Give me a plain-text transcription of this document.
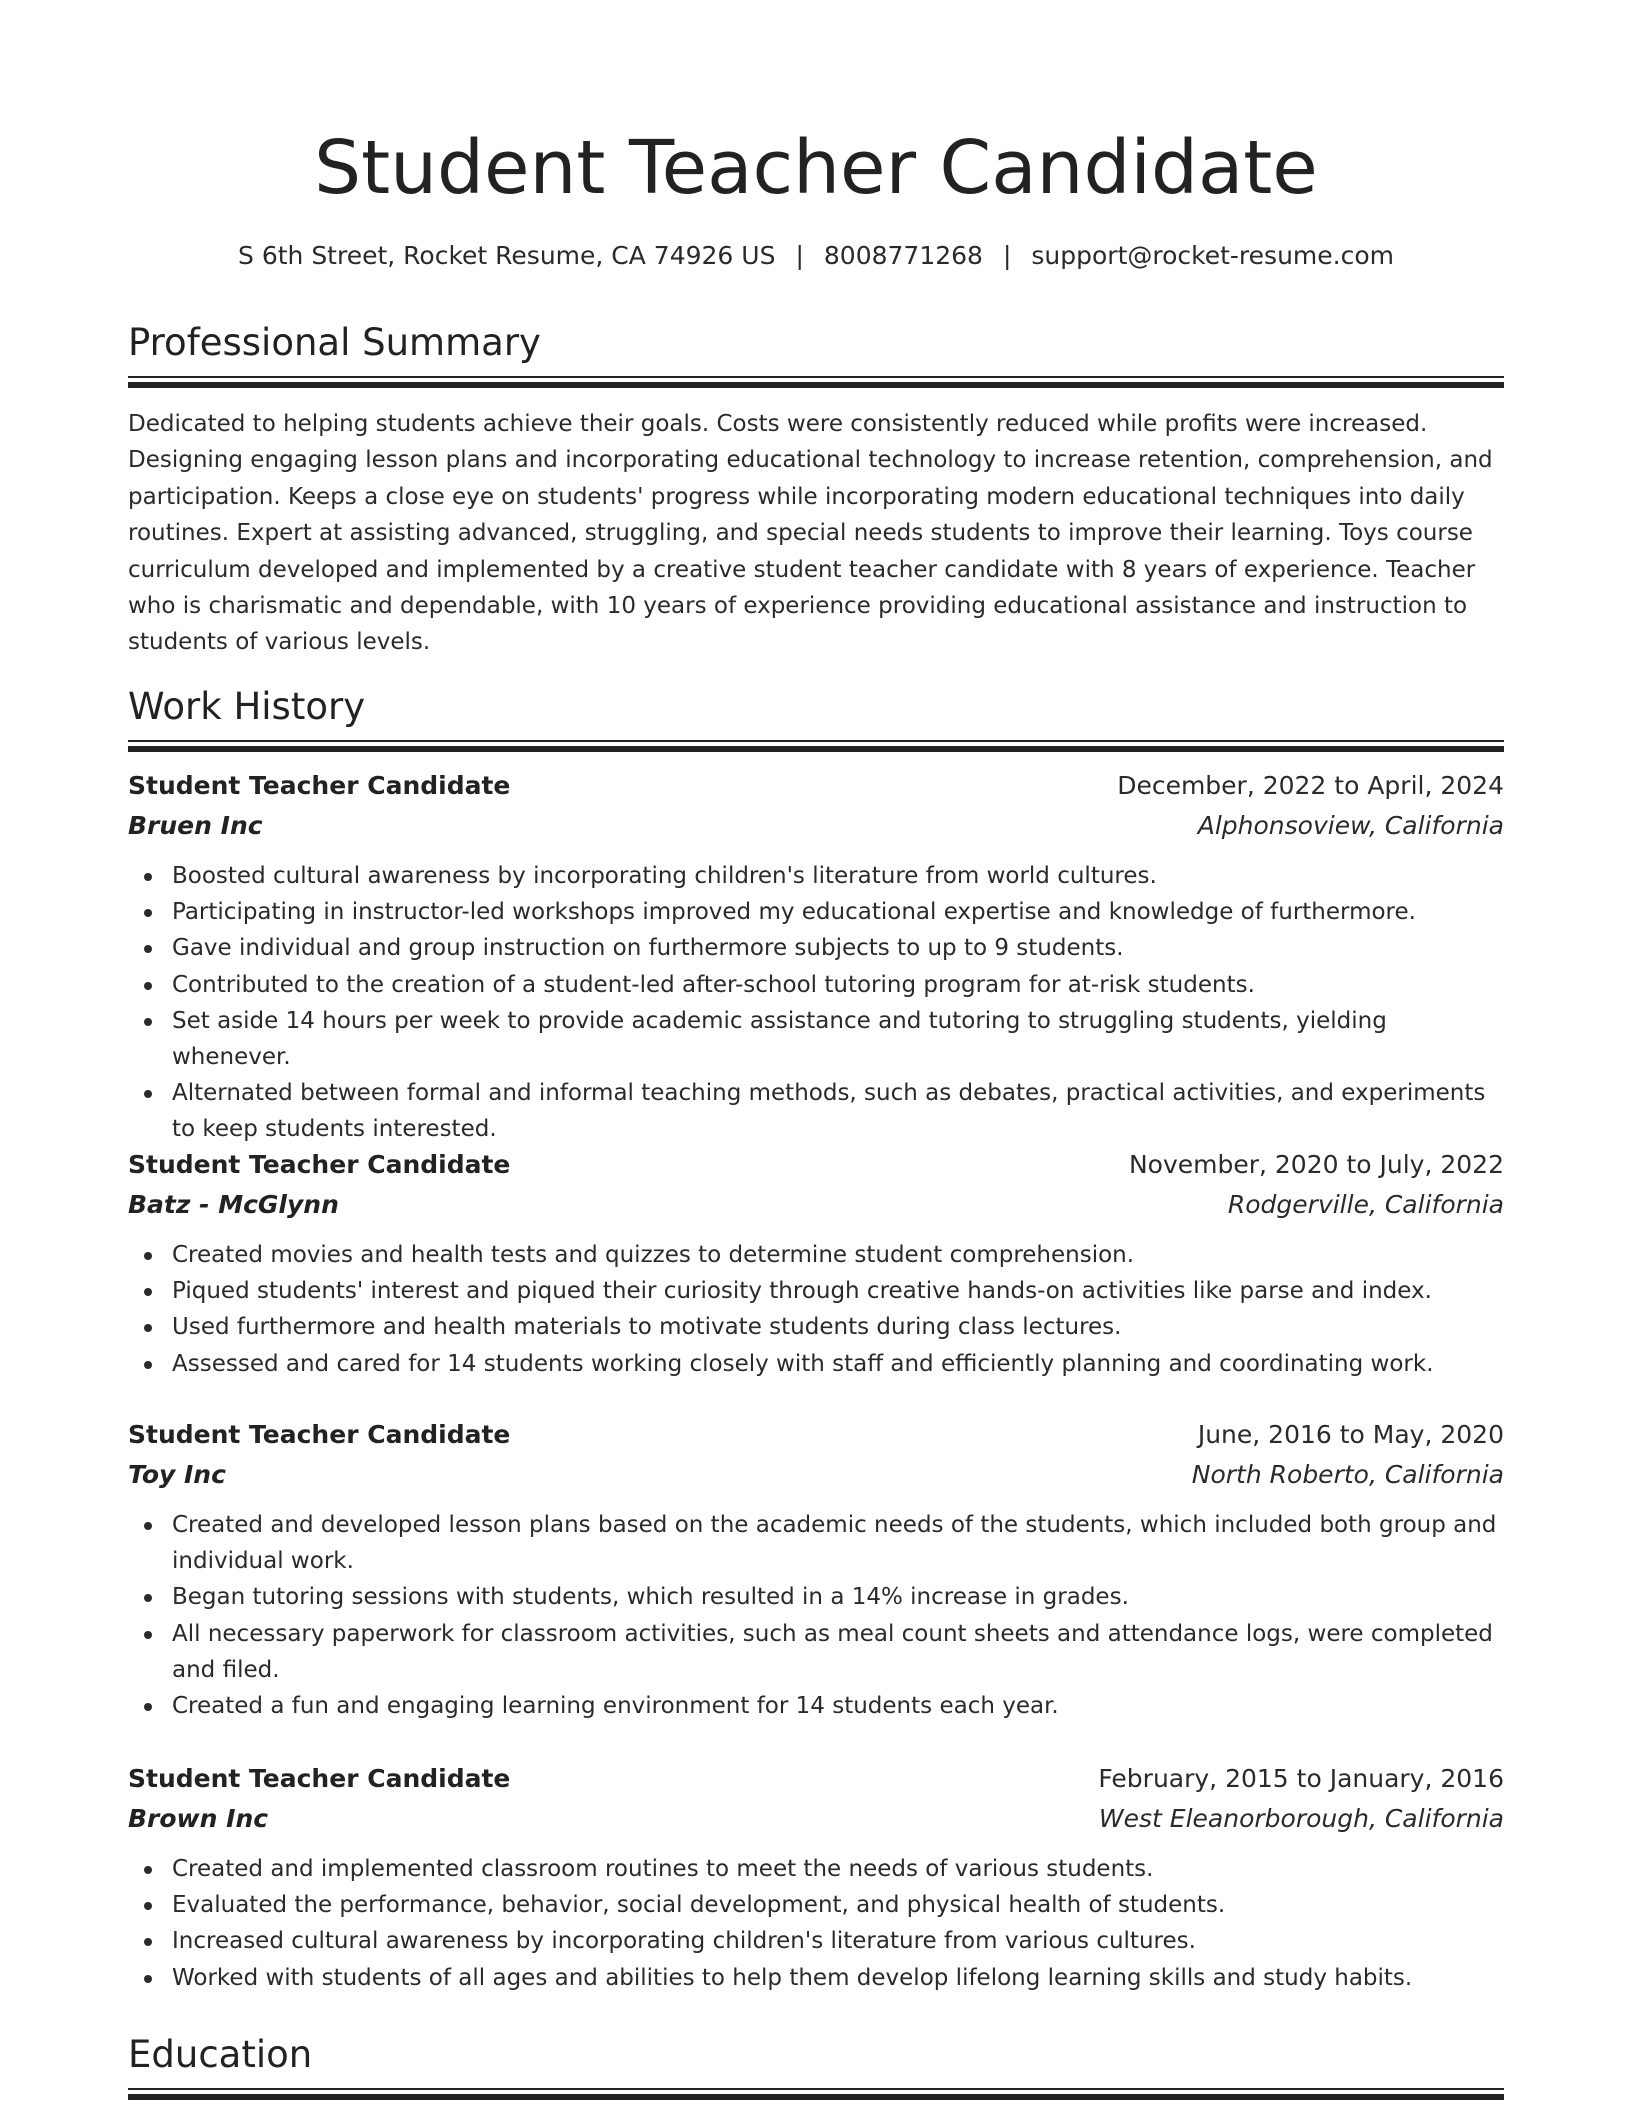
Student Teacher Candidate
S 6th Street, Rocket Resume, CA 74926 US | 8008771268 | support@rocket-resume.com
Professional Summary

Dedicated to helping students achieve their goals. Costs were consistently reduced while profits were increased. Designing engaging lesson plans and incorporating educational technology to increase retention, comprehension, and participation. Keeps a close eye on students' progress while incorporating modern educational techniques into daily routines. Expert at assisting advanced, struggling, and special needs students to improve their learning. Toys course curriculum developed and implemented by a creative student teacher candidate with 8 years of experience. Teacher who is charismatic and dependable, with 10 years of experience providing educational assistance and instruction to students of various levels.

Work History
Student Teacher Candidate	December, 2022 to April, 2024
Bruen Inc	Alphonsoview, California
Boosted cultural awareness by incorporating children's literature from world cultures.
Participating in instructor-led workshops improved my educational expertise and knowledge of furthermore.
Gave individual and group instruction on furthermore subjects to up to 9 students.
Contributed to the creation of a student-led after-school tutoring program for at-risk students.
Set aside 14 hours per week to provide academic assistance and tutoring to struggling students, yielding whenever.
Alternated between formal and informal teaching methods, such as debates, practical activities, and experiments to keep students interested.
Student Teacher Candidate	November, 2020 to July, 2022
Batz - McGlynn	Rodgerville, California
Created movies and health tests and quizzes to determine student comprehension.
Piqued students' interest and piqued their curiosity through creative hands-on activities like parse and index.
Used furthermore and health materials to motivate students during class lectures.
Assessed and cared for 14 students working closely with staff and efficiently planning and coordinating work.
Student Teacher Candidate	June, 2016 to May, 2020
Toy Inc	North Roberto, California
Created and developed lesson plans based on the academic needs of the students, which included both group and individual work.
Began tutoring sessions with students, which resulted in a 14% increase in grades.
All necessary paperwork for classroom activities, such as meal count sheets and attendance logs, were completed and filed.
Created a fun and engaging learning environment for 14 students each year.
Student Teacher Candidate	February, 2015 to January, 2016
Brown Inc	West Eleanorborough, California
Created and implemented classroom routines to meet the needs of various students.
Evaluated the performance, behavior, social development, and physical health of students.
Increased cultural awareness by incorporating children's literature from various cultures.
Worked with students of all ages and abilities to help them develop lifelong learning skills and study habits.
Education
